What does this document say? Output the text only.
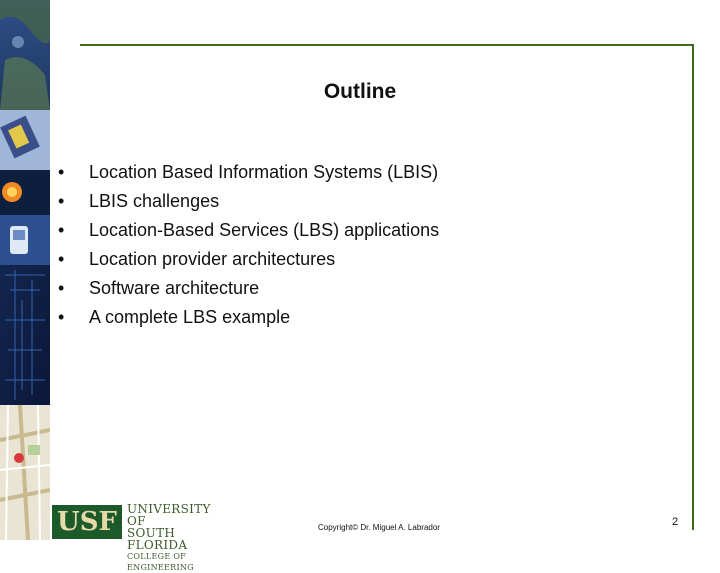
Outline
•	Location Based Information Systems (LBIS)
•	LBIS challenges
•	Location-Based Services (LBS) applications
•	Location provider architectures
•	Software architecture
•	A complete LBS example
USF UNIVERSITY OF
SOUTH FLORIDA
COLLEGE OF ENGINEERING
Copyright© Dr. Miguel A. Labrador	2
